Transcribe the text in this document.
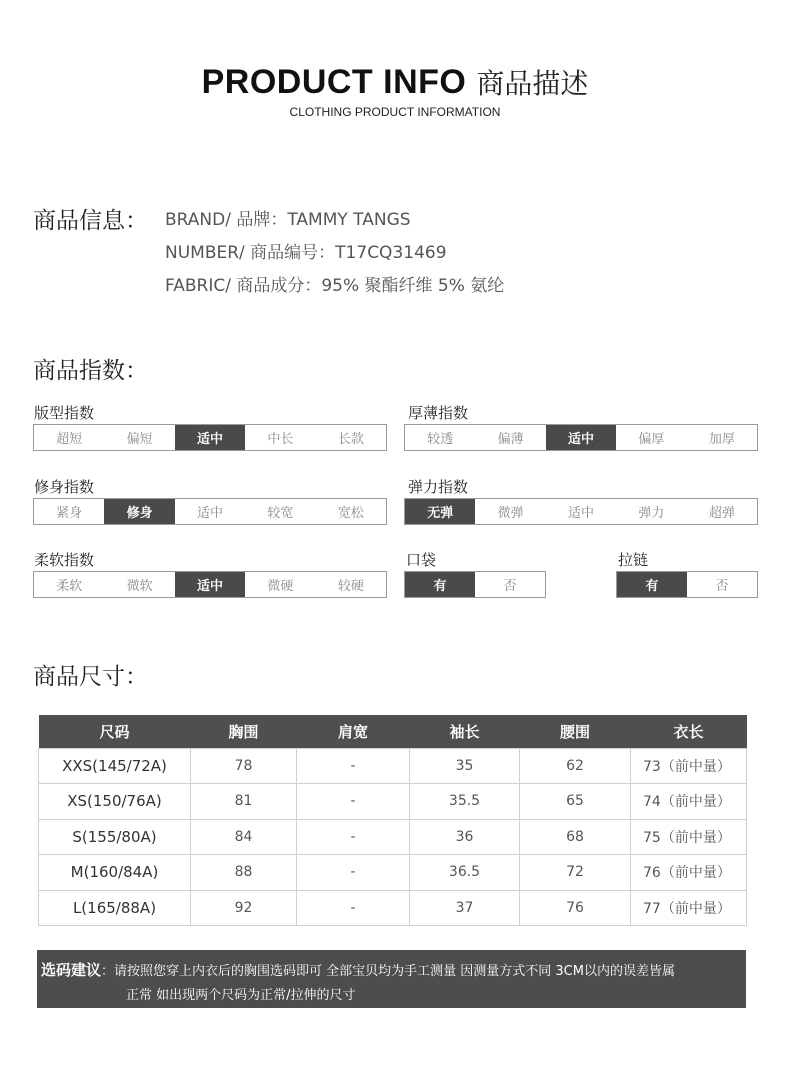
PRODUCT INFO 商品描述
CLOTHING PRODUCT INFORMATION
商品信息： BRAND/ 品牌：TAMMY TANGS
NUMBER/ 商品编号：T17CQ31469
FABRIC/ 商品成分：95% 聚酯纤维 5% 氨纶
商品指数：
版型指数
超短	偏短	适中	中长	长款
厚薄指数
较透	偏薄	适中	偏厚	加厚
修身指数
紧身	修身	适中	较宽	宽松
弹力指数
无弹	微弹	适中	弹力	超弹
柔软指数
柔软	微软	适中	微硬	较硬
口袋
有	否
拉链
有	否
商品尺寸：
尺码	胸围	肩宽	袖长	腰围	衣长
XXS(145/72A)	78	-	35	62	73（前中量）
XS(150/76A)	81	-	35.5	65	74（前中量）
S(155/80A)	84	-	36	68	75（前中量）
M(160/84A)	88	-	36.5	72	76（前中量）
L(165/88A)	92	-	37	76	77（前中量）
选码建议：请按照您穿上内衣后的胸围选码即可 全部宝贝均为手工测量 因测量方式不同 3CM以内的误差皆属
正常 如出现两个尺码为正常/拉伸的尺寸
